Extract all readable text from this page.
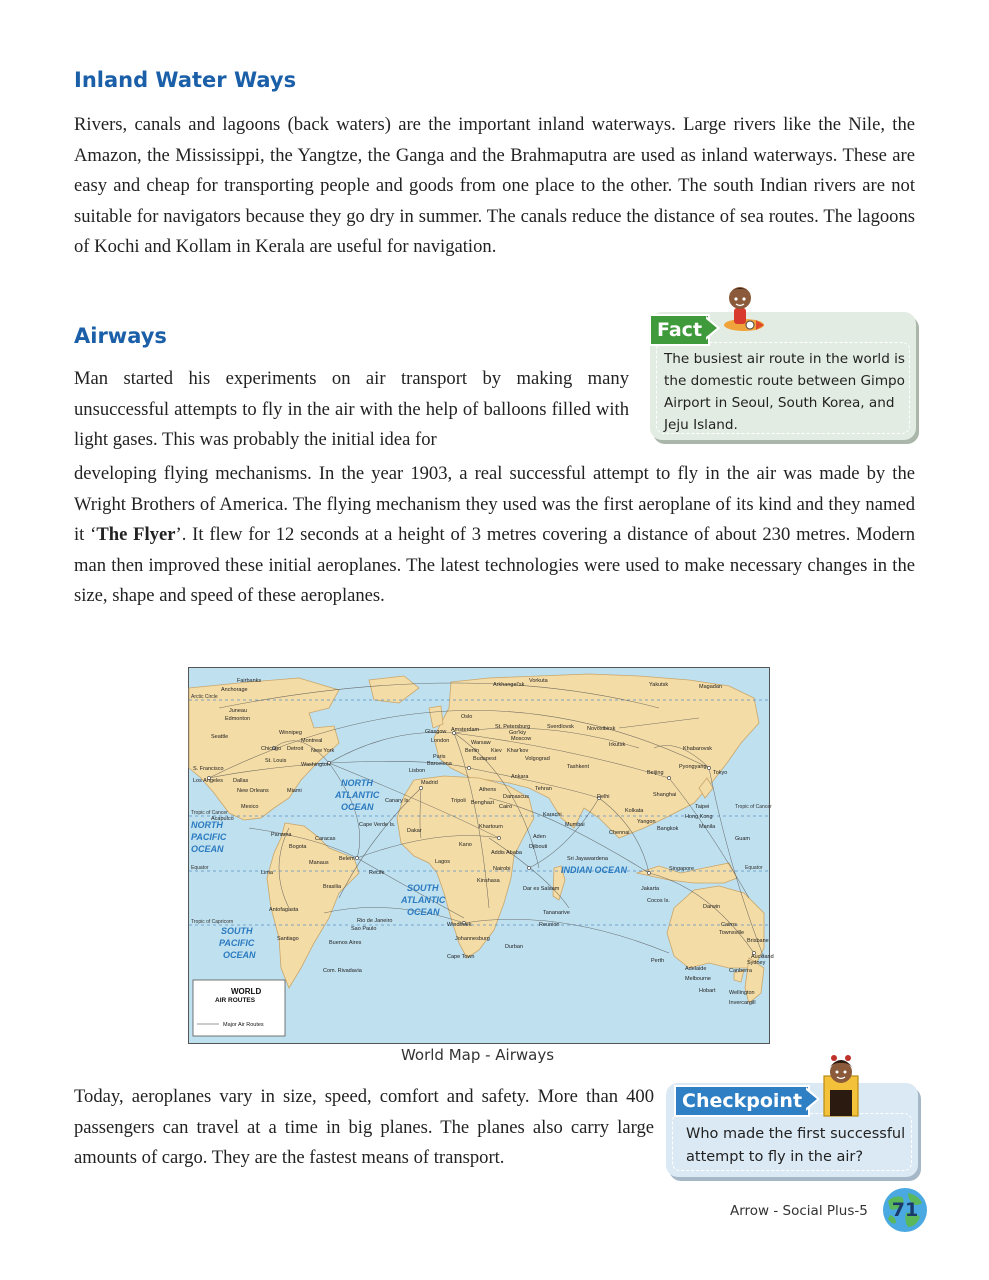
Inland Water Ways

Rivers, canals and lagoons (back waters) are the important inland waterways. Large rivers like the Nile, the Amazon, the Mississippi, the Yangtze, the Ganga and the Brahmaputra are used as inland waterways. These are easy and cheap for transporting people and goods from one place to the other. The south Indian rivers are not suitable for navigators because they go dry in summer. The canals reduce the distance of sea routes. The lagoons of Kochi and Kollam in Kerala are useful for navigation.

Airways

Man started his experiments on air transport by making many unsuccessful attempts to fly in the air with the help of balloons filled with light gases. This was probably the initial idea for

developing flying mechanisms. In the year 1903, a real successful attempt to fly in the air was made by the Wright Brothers of America. The flying mechanism they used was the first aeroplane of its kind and they named it ‘The Flyer’. It flew for 12 seconds at a height of 3 metres covering a distance of about 230 metres. Modern man then improved these initial aeroplanes. The latest technologies were used to make necessary changes in the size, shape and speed of these aeroplanes.

Fact
The busiest air route in the world is the domestic route between Gimpo Airport in Seoul, South Korea, and Jeju Island.
NORTH
ATLANTIC
OCEAN
SOUTH
ATLANTIC
OCEAN
NORTH
PACIFIC
OCEAN
SOUTH
PACIFIC
OCEAN
INDIAN OCEAN
Fairbanks
Anchorage
Juneau
Edmonton
Seattle
Winnipeg
Montreal
Chicago Detroit New York
St. Louis
Washington
S. Francisco
Los Angeles Dallas
New Orleans	Miami
Mexico
Acapulco
Panama
Caracas
Bogota
Lima
Manaus
Belem
Recife
Brasilia
Antofagasta
Santiago
Rio de Janeiro
Sao Paulo
Buenos Aires
Com. Rivadavia
Oslo
Glasgow Amsterdam
London
Paris
Barcelona
Lisbon
Madrid
Berlin
Warsaw
Kiev Khar'kov
Budapest
Moscow
St. Petersburg
Arkhangel'sk
Gor'kiy
Sverdlovsk Novosibirsk
Irkutsk
Yakutsk	Magadan
Khabarovsk
Vorkuta
Volgograd
Tashkent
Ankara
Athens	Tehran
Damascus
Cairo
Benghazi
Tripoli
Canary Is.
Cape Verde Is.
Dakar
Khartoum
Aden
Djibouti
Addis Ababa
Kano
Lagos
Nairobi
Kinshasa
Dar es Salaam
Tananarive
Reunion
Windhoek
Johannesburg
Durban
Cape Town
Karachi
Delhi
Mumbai
Kolkata
Chennai
Sri Jayawardena
Yangon
Bangkok
Singapore
Jakarta
Cocos Is.
Beijing
Shanghai
Pyongyang
Tokyo
Taipei
Hong Kong
Manila
Guam
Darwin
Cairns
Townsville
Brisbane
Perth
Adelaide
Sydney
Melbourne
Canberra
Hobart
Auckland
Wellington
Invercargill
Arctic Circle
Tropic of Cancer
Tropic of Cancer
Tropic of Capricorn
Equator	Equator
WORLD
AIR ROUTES
Major Air Routes
World Map - Airways

Today, aeroplanes vary in size, speed, comfort and safety. More than 400 passengers can travel at a time in big planes. The planes also carry large amounts of cargo. They are the fastest means of transport.

Checkpoint
Who made the first successful attempt to fly in the air?
Arrow - Social Plus-5	71
